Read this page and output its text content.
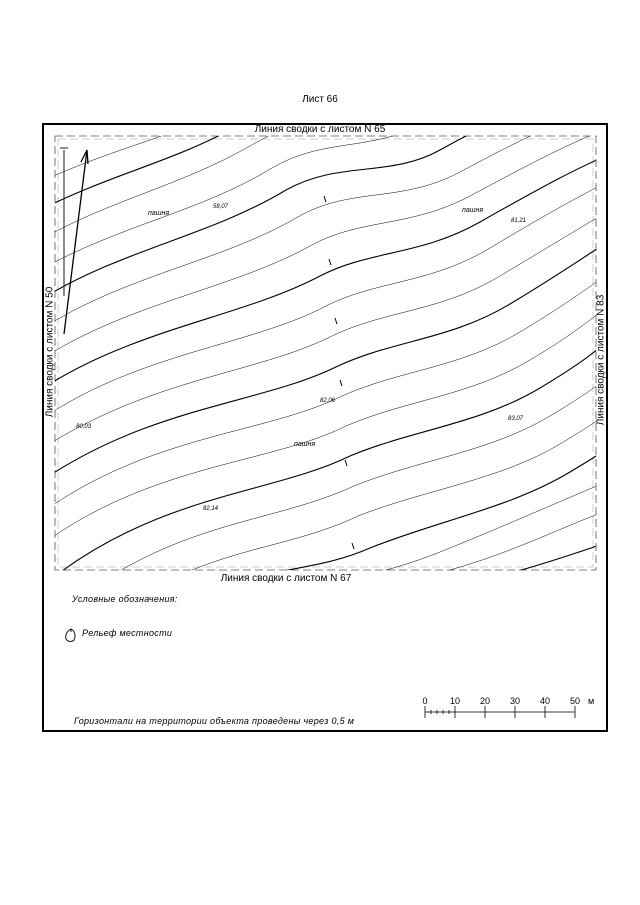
Лист 66
пашня	пашня
пашня
58,07
81,21
80,03
82,06
83,07
82,14
0 10 20 30 40 50 м
Линия сводки с листом N 65
Линия сводки с листом N 67
Линия сводки с листом N 50	Линия сводки с листом N 83
Условные обозначения:
Рельеф местности
Горизонтали на территории объекта проведены через 0,5 м
